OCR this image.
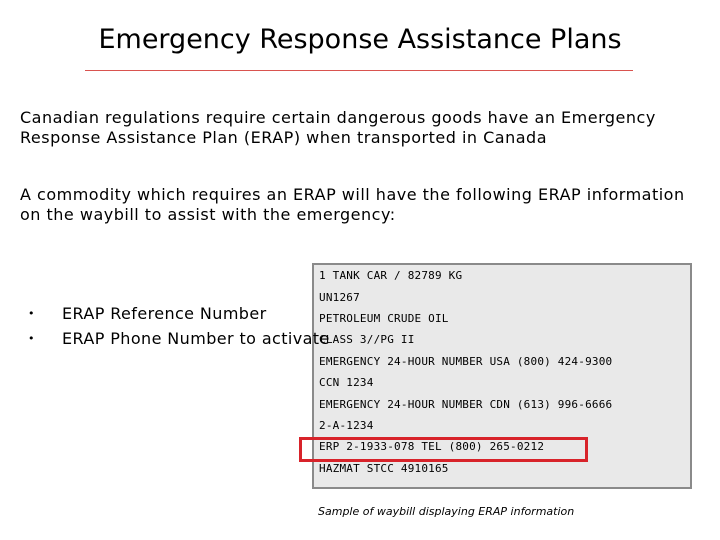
Emergency Response Assistance Plans
Canadian regulations require certain dangerous goods have an Emergency Response Assistance Plan (ERAP) when transported in Canada
A commodity which requires an ERAP will have the following ERAP information on the waybill to assist with the emergency:
1 TANK CAR / 82789 KG
UN1267
PETROLEUM CRUDE OIL
CLASS 3//PG II
EMERGENCY 24-HOUR NUMBER USA (800) 424-9300
CCN 1234
EMERGENCY 24-HOUR NUMBER CDN (613) 996-6666
2-A-1234
ERP 2-1933-078 TEL (800) 265-0212
HAZMAT STCC 4910165
• ERAP Reference Number
• ERAP Phone Number to activate
Sample of waybill displaying ERAP information
